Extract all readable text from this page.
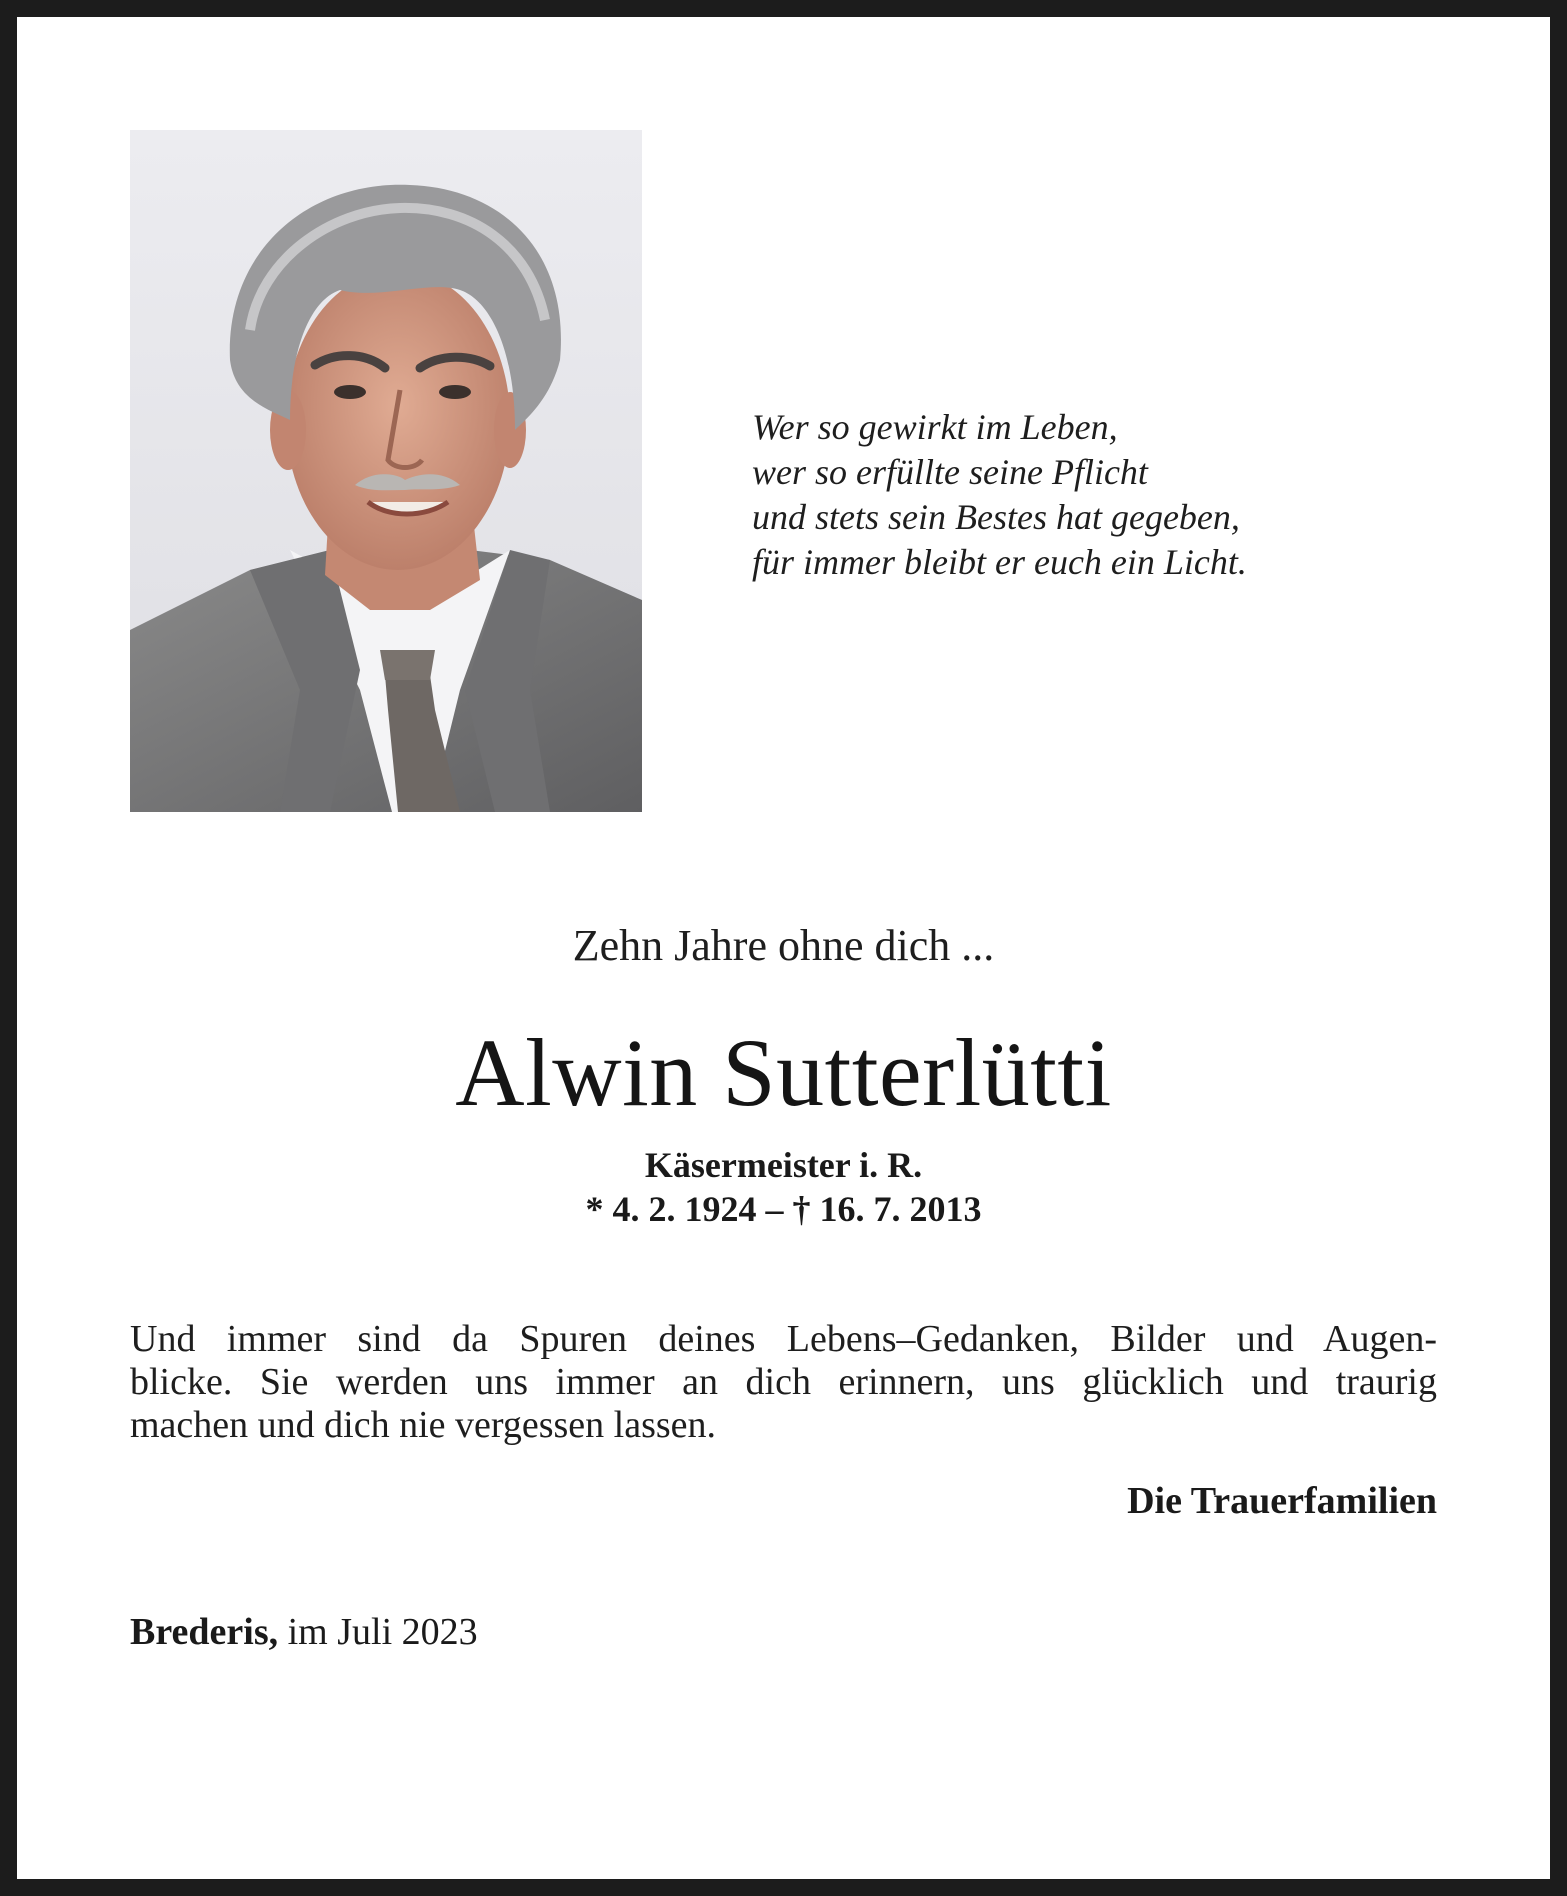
Wer so gewirkt im Leben,
wer so erfüllte seine Pflicht
und stets sein Bestes hat gegeben,
für immer bleibt er euch ein Licht.
Zehn Jahre ohne dich ...
Alwin Sutterlütti
Käsermeister i. R.
* 4. 2. 1924 – † 16. 7. 2013
Und immer sind da Spuren deines Lebens–Gedanken, Bilder und Augen-
blicke. Sie werden uns immer an dich erinnern, uns glücklich und traurig
machen und dich nie vergessen lassen.
Die Trauerfamilien
Brederis, im Juli 2023
